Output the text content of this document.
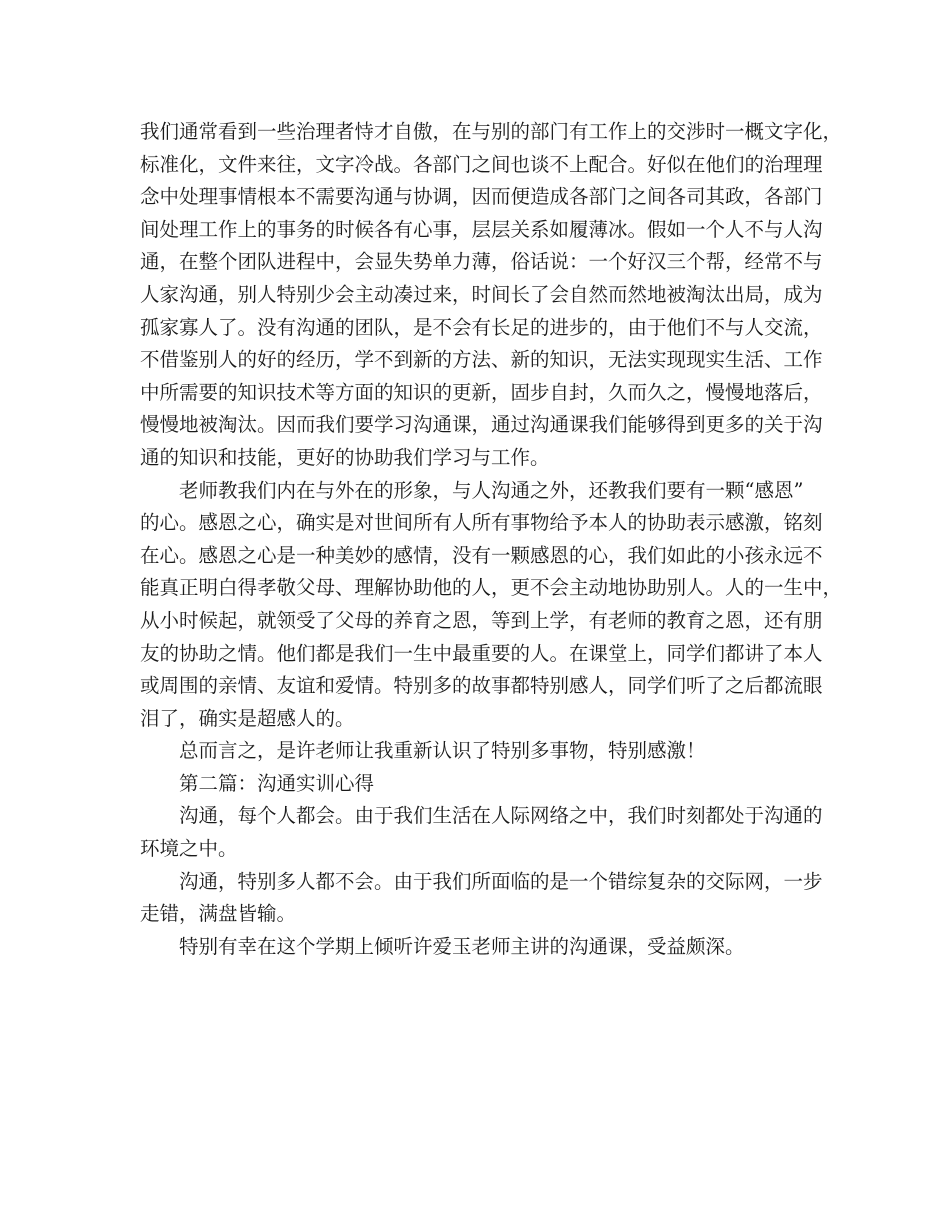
我们通常看到一些治理者恃才自傲，在与别的部门有工作上的交涉时一概文字化，
标准化，文件来往，文字冷战。各部门之间也谈不上配合。好似在他们的治理理
念中处理事情根本不需要沟通与协调，因而便造成各部门之间各司其政，各部门
间处理工作上的事务的时候各有心事，层层关系如履薄冰。假如一个人不与人沟
通，在整个团队进程中，会显失势单力薄，俗话说：一个好汉三个帮，经常不与
人家沟通，别人特别少会主动凑过来，时间长了会自然而然地被淘汰出局，成为
孤家寡人了。没有沟通的团队，是不会有长足的进步的，由于他们不与人交流，
不借鉴别人的好的经历，学不到新的方法、新的知识，无法实现现实生活、工作
中所需要的知识技术等方面的知识的更新，固步自封，久而久之，慢慢地落后，
慢慢地被淘汰。因而我们要学习沟通课，通过沟通课我们能够得到更多的关于沟
通的知识和技能，更好的协助我们学习与工作。

老师教我们内在与外在的形象，与人沟通之外，还教我们要有一颗“感恩”
的心。感恩之心，确实是对世间所有人所有事物给予本人的协助表示感激，铭刻
在心。感恩之心是一种美妙的感情，没有一颗感恩的心，我们如此的小孩永远不
能真正明白得孝敬父母、理解协助他的人，更不会主动地协助别人。人的一生中，
从小时候起，就领受了父母的养育之恩，等到上学，有老师的教育之恩，还有朋
友的协助之情。他们都是我们一生中最重要的人。在课堂上，同学们都讲了本人
或周围的亲情、友谊和爱情。特别多的故事都特别感人，同学们听了之后都流眼
泪了，确实是超感人的。

总而言之，是许老师让我重新认识了特别多事物，特别感激！

第二篇：沟通实训心得

沟通，每个人都会。由于我们生活在人际网络之中，我们时刻都处于沟通的
环境之中。

沟通，特别多人都不会。由于我们所面临的是一个错综复杂的交际网，一步
走错，满盘皆输。

特别有幸在这个学期上倾听许爱玉老师主讲的沟通课，受益颇深。
